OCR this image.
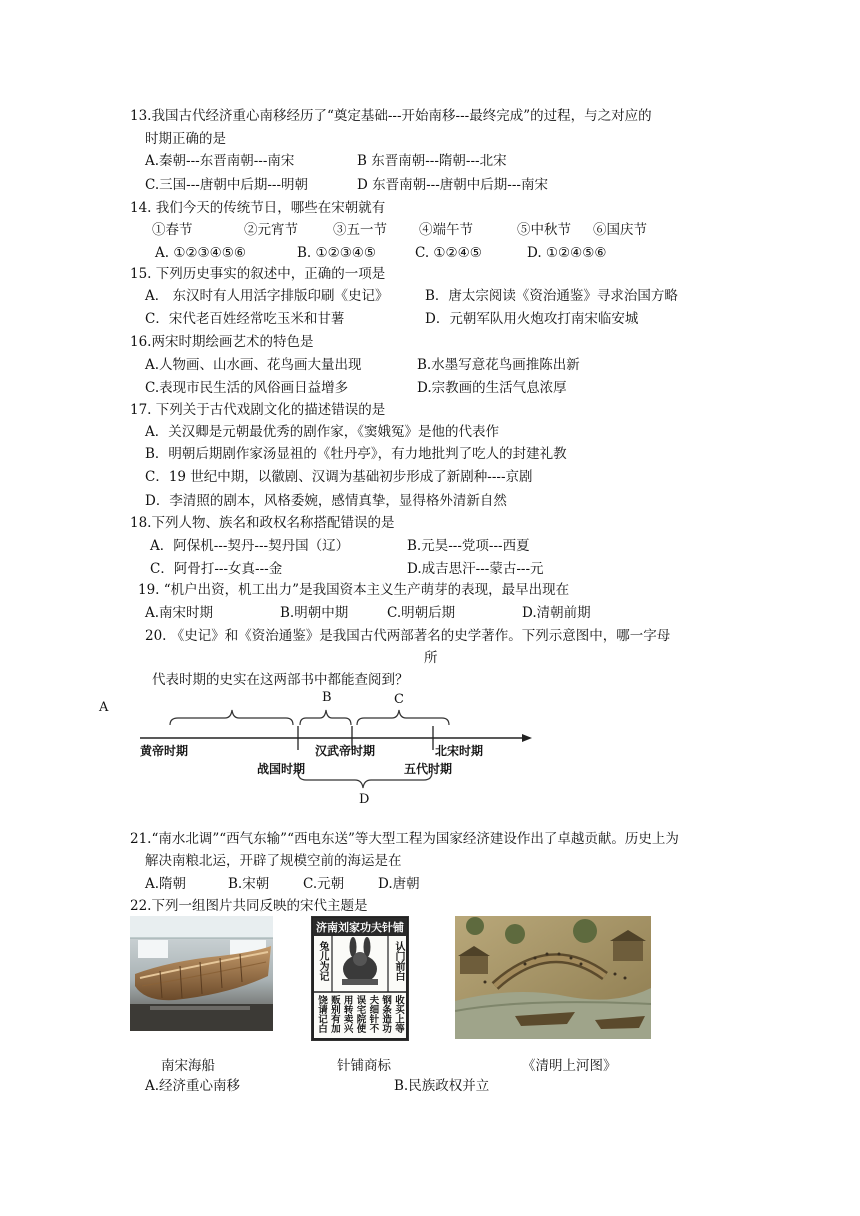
13.我国古代经济重心南移经历了“奠定基础---开始南移---最终完成”的过程，与之对应的
时期正确的是
A.秦朝---东晋南朝---南宋	B 东晋南朝---隋朝---北宋
C.三国---唐朝中后期---明朝	D 东晋南朝---唐朝中后期---南宋
14. 我们今天的传统节日，哪些在宋朝就有
①春节	②元宵节	③五一节 ④端午节	⑤中秋节 ⑥国庆节
A. ①②③④⑤⑥	B. ①②③④⑤	C. ①②④⑤	D. ①②④⑤⑥
15. 下列历史事实的叙述中，正确的一项是
A． 东汉时有人用活字排版印刷《史记》	B．唐太宗阅读《资治通鉴》寻求治国方略
C．宋代老百姓经常吃玉米和甘薯	D．元朝军队用火炮攻打南宋临安城
16.两宋时期绘画艺术的特色是
A.人物画、山水画、花鸟画大量出现	B.水墨写意花鸟画推陈出新
C.表现市民生活的风俗画日益增多	D.宗教画的生活气息浓厚
17. 下列关于古代戏剧文化的描述错误的是
A．关汉卿是元朝最优秀的剧作家，《窦娥冤》是他的代表作
B．明朝后期剧作家汤显祖的《牡丹亭》，有力地批判了吃人的封建礼教
C．19 世纪中期，以徽剧、汉调为基础初步形成了新剧种----京剧
D．李清照的剧本，风格委婉，感情真挚，显得格外清新自然
18.下列人物、族名和政权名称搭配错误的是
A．阿保机---契丹---契丹国（辽）	B.元昊---党项---西夏
C．阿骨打---女真---金	D.成吉思汗---蒙古---元
19. “机户出资，机工出力”是我国资本主义生产萌芽的表现，最早出现在
A.南宋时期	B.明朝中期	C.明朝后期	D.清朝前期
20. 《史记》和《资治通鉴》是我国古代两部著名的史学著作。下列示意图中，哪一字母
所
代表时期的史实在这两部书中都能查阅到？
A
B	C
D
黄帝时期
战国时期
汉武帝时期
五代时期
北宋时期
21.“南水北调”“西气东输”“西电东送”等大型工程为国家经济建设作出了卓越贡献。历史上为
解决南粮北运，开辟了规模空前的海运是在
A.隋朝	B.宋朝	C.元朝	D.唐朝
22.下列一组图片共同反映的宋代主题是
济南刘家功夫针铺
兔儿为记	认门前白
收买上等
钢条造功
夫细针不
误宅院使
用转卖兴
贩别有加
饶请记白
南宋海船	针铺商标	《清明上河图》
A.经济重心南移	B.民族政权并立
